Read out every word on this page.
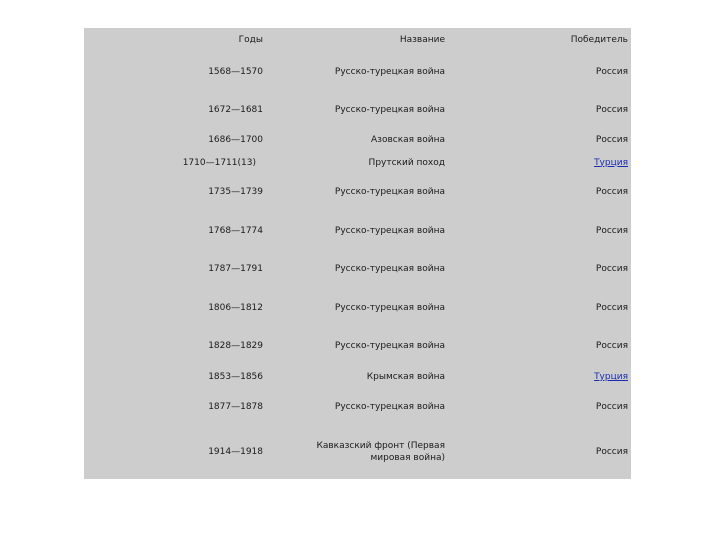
Годы	Название	Победитель
1568—1570	Русско-турецкая война	Россия
1672—1681	Русско-турецкая война	Россия
1686—1700	Азовская война	Россия
1710—1711(13)	Прутский поход	Турция
1735—1739	Русско-турецкая война	Россия
1768—1774	Русско-турецкая война	Россия
1787—1791	Русско-турецкая война	Россия
1806—1812	Русско-турецкая война	Россия
1828—1829	Русско-турецкая война	Россия
1853—1856	Крымская война	Турция
1877—1878	Русско-турецкая война	Россия
1914—1918	Кавказский фронт (Первая мировая война)	Россия
